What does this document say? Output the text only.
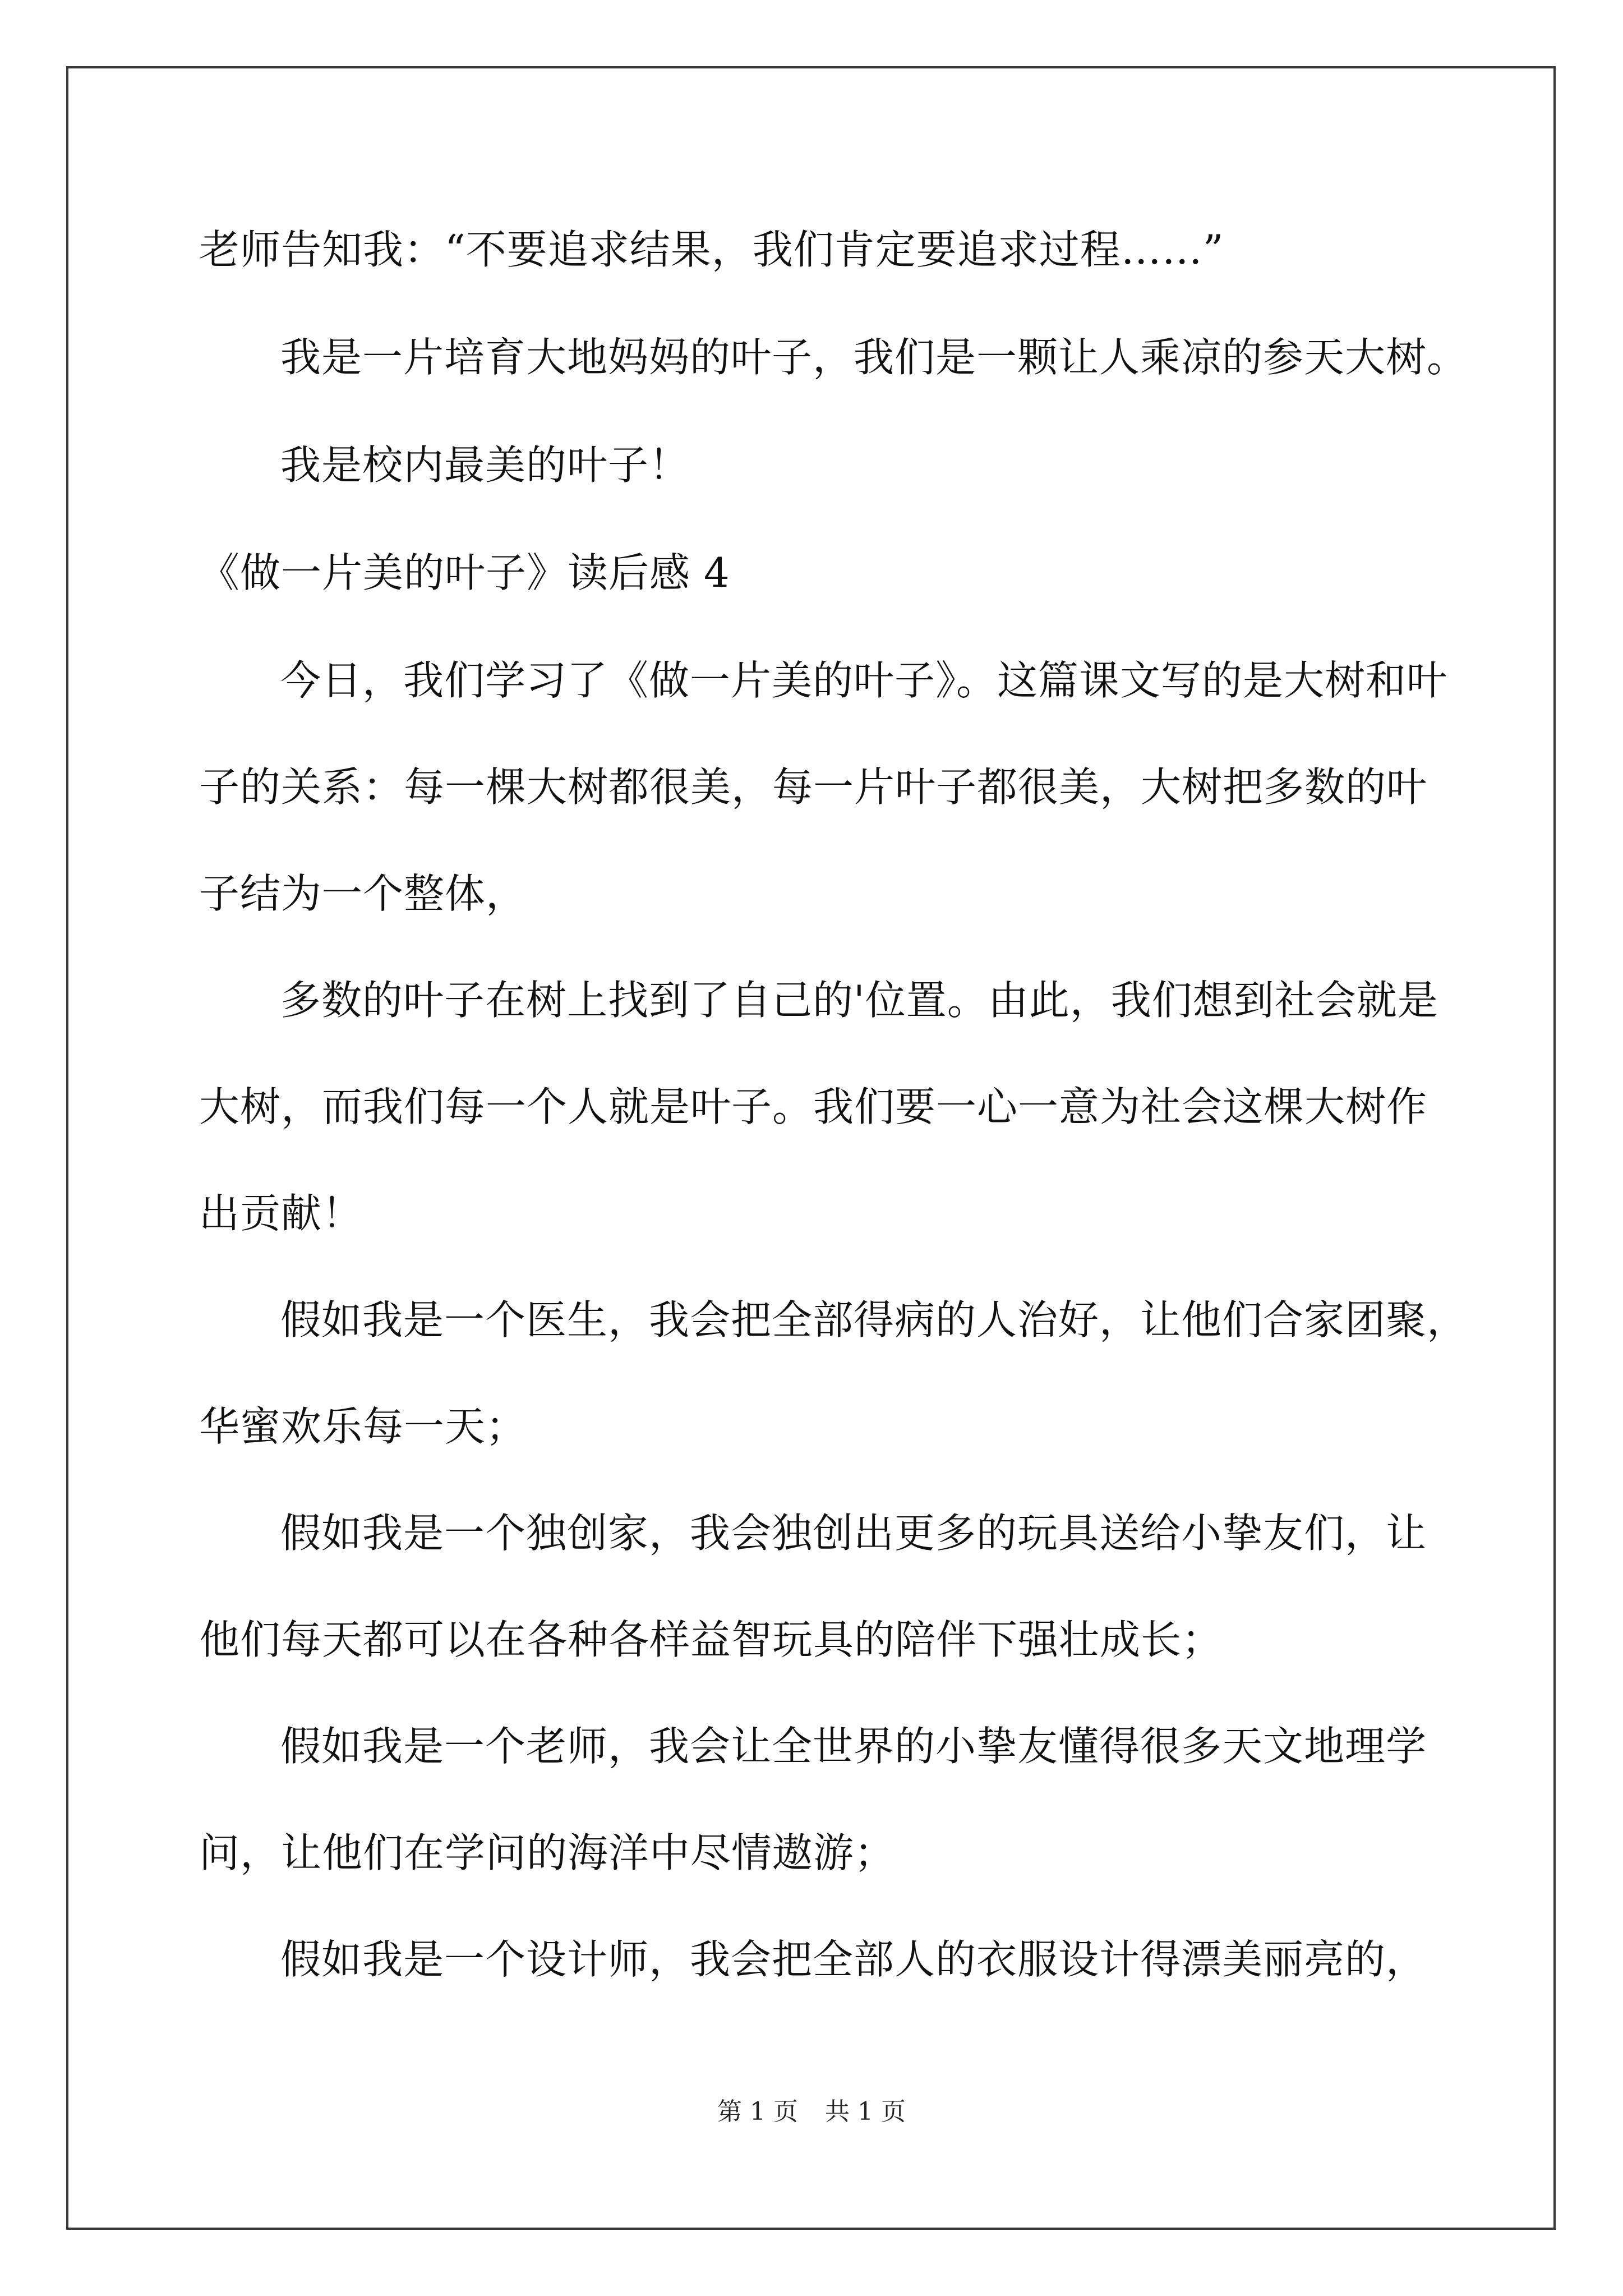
老师告知我：“不要追求结果，我们肯定要追求过程……”
我是一片培育大地妈妈的叶子，我们是一颗让人乘凉的参天大树。
我是校内最美的叶子！
《做一片美的叶子》读后感 4
今日，我们学习了《做一片美的叶子》。这篇课文写的是大树和叶
子的关系：每一棵大树都很美，每一片叶子都很美，大树把多数的叶
子结为一个整体，
多数的叶子在树上找到了自己的'位置。由此，我们想到社会就是
大树，而我们每一个人就是叶子。我们要一心一意为社会这棵大树作
出贡献！
假如我是一个医生，我会把全部得病的人治好，让他们合家团聚，
华蜜欢乐每一天；
假如我是一个独创家，我会独创出更多的玩具送给小挚友们，让
他们每天都可以在各种各样益智玩具的陪伴下强壮成长；
假如我是一个老师，我会让全世界的小挚友懂得很多天文地理学
问，让他们在学问的海洋中尽情遨游；
假如我是一个设计师，我会把全部人的衣服设计得漂美丽亮的，
第 1 页 共 1 页
